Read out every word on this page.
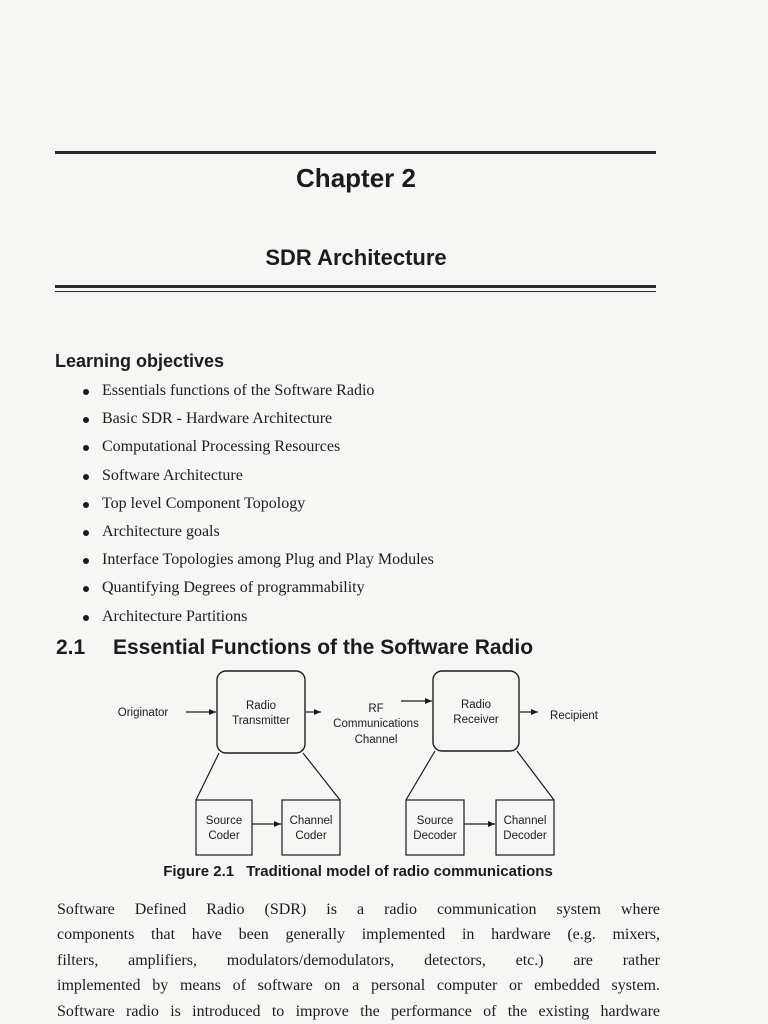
Chapter 2
SDR Architecture
Learning objectives
Essentials functions of the Software Radio
Basic SDR - Hardware Architecture
Computational Processing Resources
Software Architecture
Top level Component Topology
Architecture goals
Interface Topologies among Plug and Play Modules
Quantifying Degrees of programmability
Architecture Partitions
2.1 Essential Functions of the Software Radio
Originator
Radio
Transmitter
RF
Communications
Channel
Radio
Receiver	Recipient
Source
Coder
Channel
Coder
Source
Decoder
Channel
Decoder
Figure 2.1 Traditional model of radio communications
Software Defined Radio (SDR) is a radio communication system where
components that have been generally implemented in hardware (e.g. mixers,
filters, amplifiers, modulators/demodulators, detectors, etc.) are rather
implemented by means of software on a personal computer or embedded system.
Software radio is introduced to improve the performance of the existing hardware
